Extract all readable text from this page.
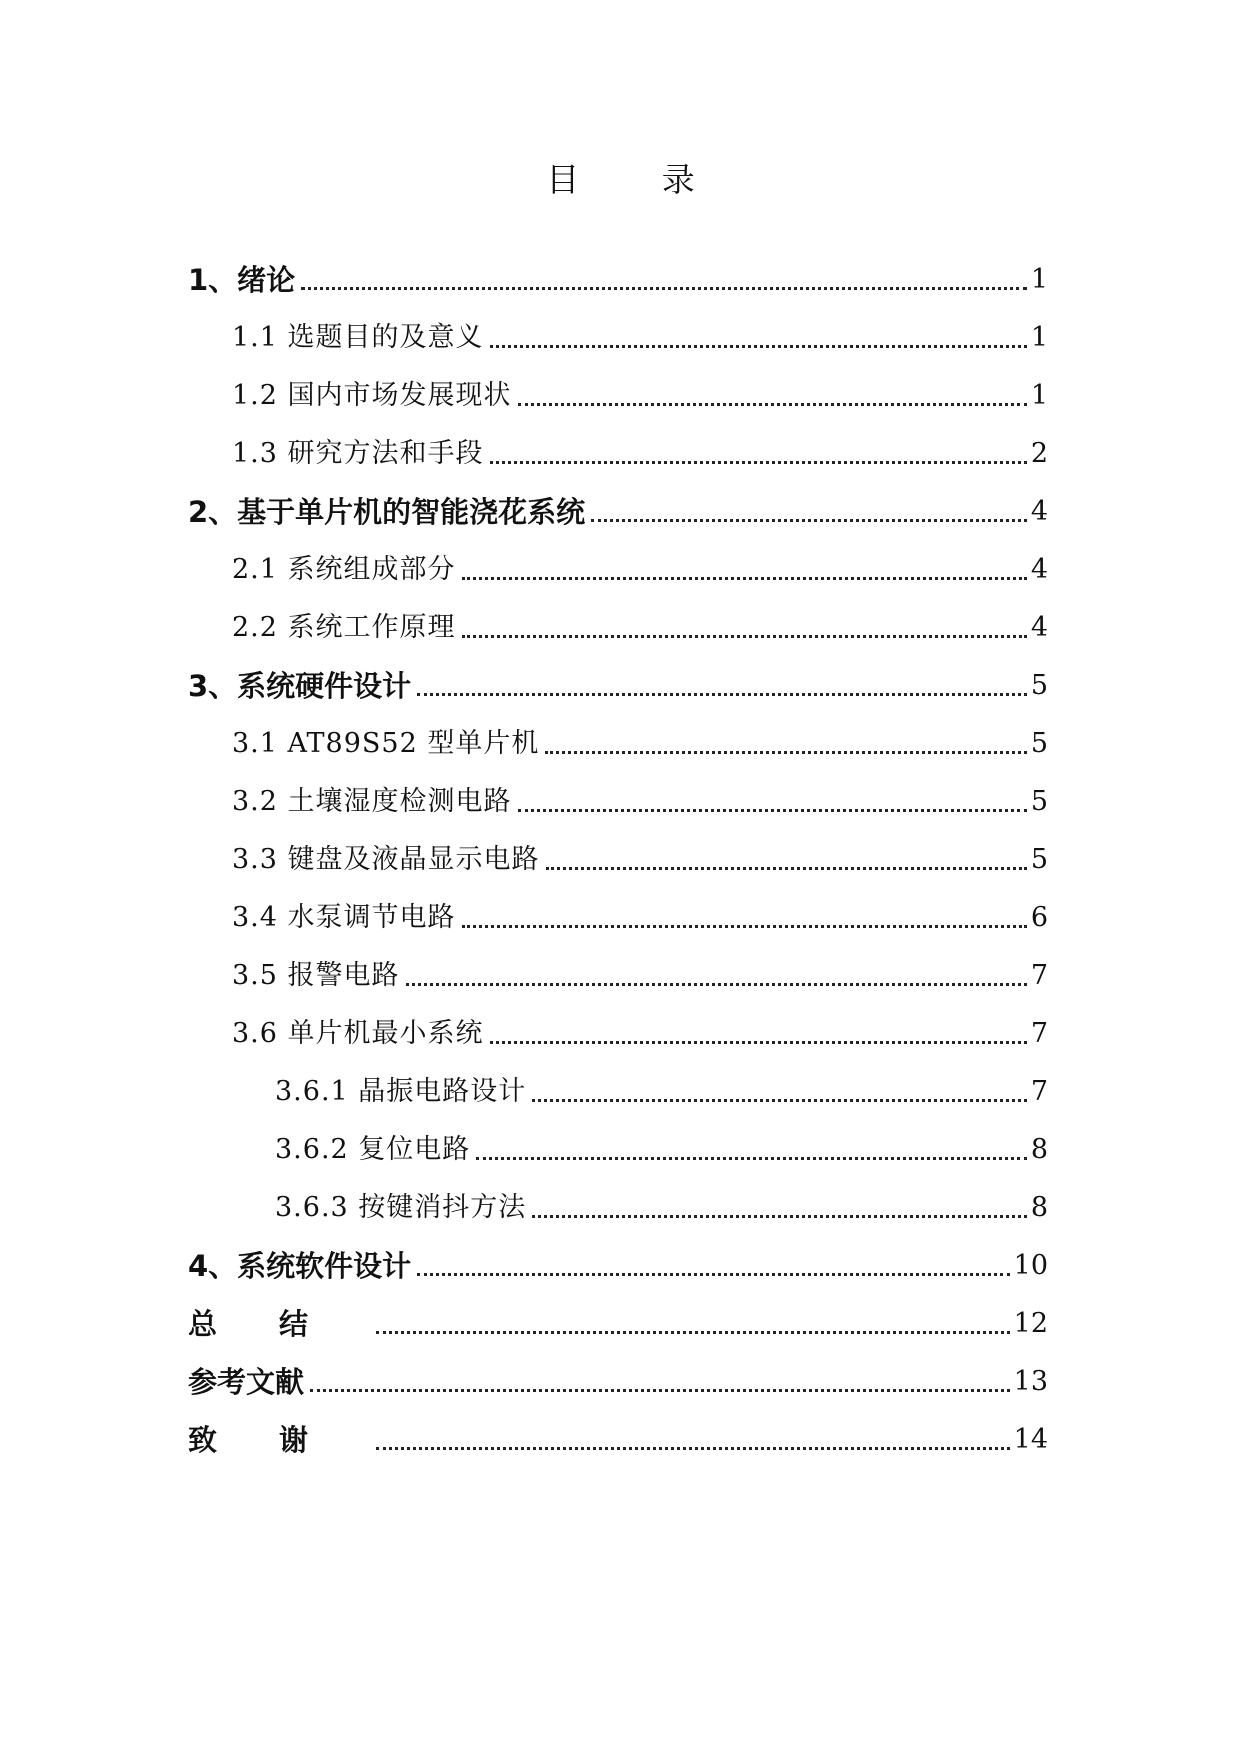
目 录
1、绪论	1
1.1 选题目的及意义	1
1.2 国内市场发展现状	1
1.3 研究方法和手段	2
2、基于单片机的智能浇花系统	4
2.1 系统组成部分	4
2.2 系统工作原理	4
3、系统硬件设计	5
3.1 AT89S52 型单片机	5
3.2 土壤湿度检测电路	5
3.3 键盘及液晶显示电路	5
3.4 水泵调节电路	6
3.5 报警电路	7
3.6 单片机最小系统	7
3.6.1 晶振电路设计	7
3.6.2 复位电路	8
3.6.3 按键消抖方法	8
4、系统软件设计	10
总结	12
参考文献	13
致谢	14
